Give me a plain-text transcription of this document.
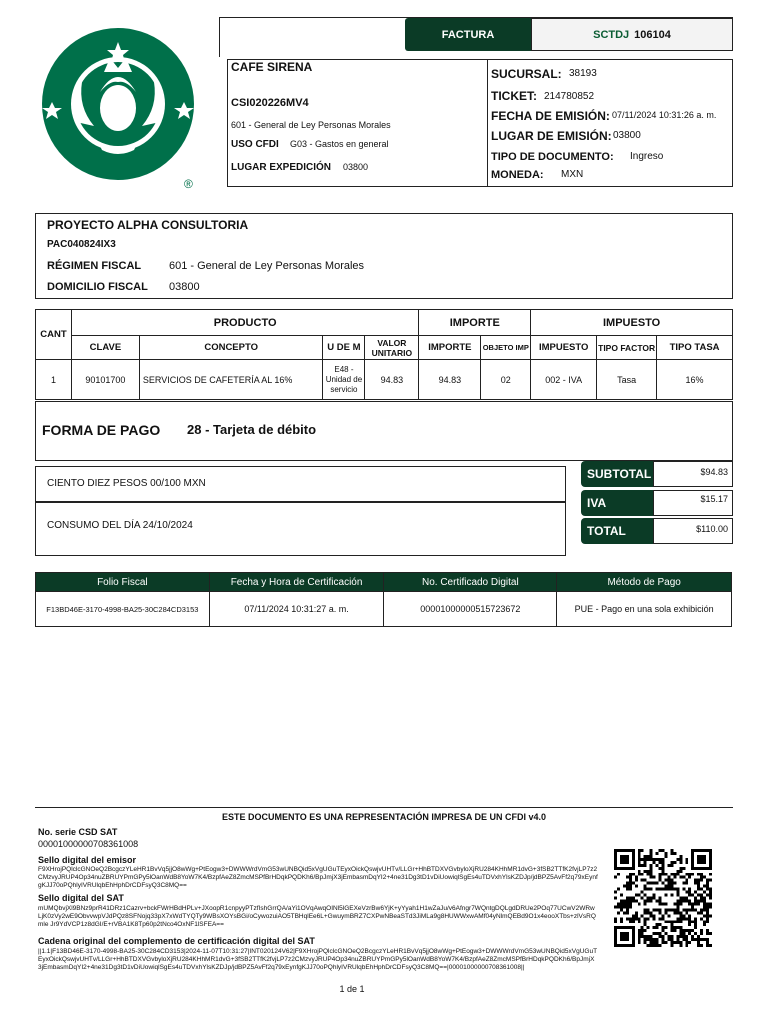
®
FACTURA	SCTDJ 106104
CAFE SIRENA
CSI020226MV4
601 - General de Ley Personas Morales
USO CFDI G03 - Gastos en general
LUGAR EXPEDICIÓN 03800
SUCURSAL: 38193
TICKET: 214780852
FECHA DE EMISIÓN: 07/11/2024 10:31:26 a. m.
LUGAR DE EMISIÓN: 03800
TIPO DE DOCUMENTO: Ingreso
MONEDA: MXN
PROYECTO ALPHA CONSULTORIA
PAC040824IX3
RÉGIMEN FISCAL	601 - General de Ley Personas Morales
DOMICILIO FISCAL 03800
CANT	PRODUCTO				IMPORTE		IMPUESTO		
	CLAVE	CONCEPTO	U DE M	VALOR UNITARIO	IMPORTE	OBJETO IMP	IMPUESTO	TIPO FACTOR	TIPO TASA
1	90101700	SERVICIOS DE CAFETERÍA AL 16%	E48 - Unidad de servicio	94.83	94.83	02	002 - IVA	Tasa	16%
FORMA DE PAGO 28 - Tarjeta de débito
CIENTO DIEZ PESOS 00/100 MXN
CONSUMO DEL DÍA 24/10/2024
SUBTOTAL	$94.83
IVA	$15.17
TOTAL	$110.00
Folio Fiscal	Fecha y Hora de Certificación	No. Certificado Digital	Método de Pago
F13BD46E-3170-4998-BA25-30C284CD3153	07/11/2024 10:31:27 a. m.	00001000000515723672	PUE - Pago en una sola exhibición
ESTE DOCUMENTO ES UNA REPRESENTACIÓN IMPRESA DE UN CFDI v4.0
No. serie CSD SAT
00001000000708361008
Sello digital del emisor
F9XHrojPQlclcGNOeQ2BcgczYLeHR1BvVq5jjO8wWg+PtEogw3+DWWWrdVmG53wUNBQid5xVgUGuTEyxOickQswjvUHTv/LLGr+HhBTDXVGvbyloXjRU284KHhMR1dvG+3fSB2TTfK2fvjLP7z2CMzvyJRUP4Op34nuZBRUYPmGPy5lOanWdB8YoW7K4/BzpfAeZ8ZmcMSPfBrHDqkPQDKh6/BpJmjX3jEmbasmDqYI2+4ne31Dg3tD1vDiUowiqlSgEs4uTDVxhYlsKZDJp/jdBPZ5AvFf2q79xEynfgKJJ70oPQhlyIVRUlqbEhHphDrCDFsyQ3C8MQ==
Sello digital del SAT
mUMQbvjXl9BNz9prR41DRz1Cazrv+bckFWrHBdHPLv+JXoopR1cnpyyPTzfIshGrrQA/aYi1OVqAwqOINl5lGEXeVzrBw6YjK+yYyah1H1wZaJu/v6Afngr7WQntgDQLgdDRUe2POq77UCwV2WRwLjK0zVy2wE9ObvvwpVJdPQz8SFNojq33pX7xWdTYQTy9WBsXOYsBGi/oCywozuiAO5TBHqlEe6L+GwuymBRZ7CXPwNBeaSTd3JiMLa9g8HUWWxwAMf04yNlmQEBd9O1x4eooXTbs+zlVsRQmle Jr9YdVCP1z8dGI/E+rVBA1K8Tp60p2tNco4OxNF1lSFEA==
Cadena original del complemento de certificación digital del SAT
||1.1|F13BD46E-3170-4998-BA25-30C284CD3153|2024-11-07T10:31:27|INT020124V62|F9XHrojPQlclcGNOeQ2BcgczYLeHR1BvVq5jjO8wWg+PtEogw3+DWWWrdVmG53wUNBQid5xVgUGuTEyxOickQswjvUHTv/LLGr+HhBTDXVGvbyloXjRU284KHhMR1dvG+3fSB2TTfK2fvjLP7z2CMzvyJRUP4Op34nuZBRUYPmGPy5lOanWdB8YoW7K4/BzpfAeZ8ZmcMSPfBrHDqkPQDKh6/BpJmjX3jEmbasmDqYI2+4ne31Dg3tD1vDiUowiqlSgEs4uTDVxhYlsKZDJp/jdBPZ5AvFf2q79xEynfgKJJ70oPQhlyIVRUlqbEhHphDrCDFsyQ3C8MQ==|00001000000708361008||
1 de 1
